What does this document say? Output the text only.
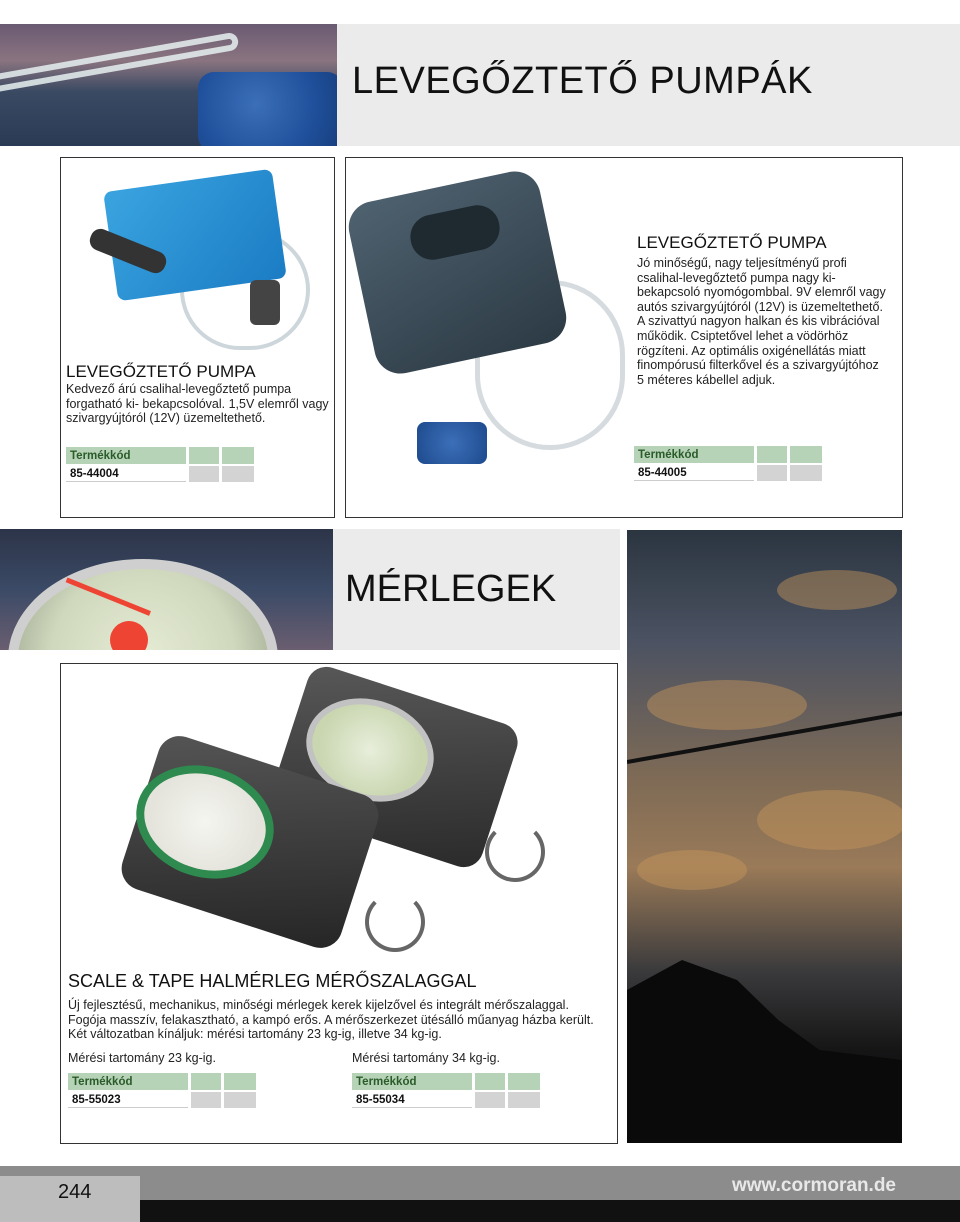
LEVEGŐZTETŐ PUMPÁK
LEVEGŐZTETŐ PUMPA
Kedvező árú csalihal-levegőztető pumpa forgatható ki- bekapcsolóval. 1,5V elemről vagy szivargyújtóról (12V) üzemeltethető.
Termékkód
85-44004
LEVEGŐZTETŐ PUMPA
Jó minőségű, nagy teljesítményű profi csalihal-levegőztető pumpa nagy ki-bekapcsoló nyomógombbal. 9V elemről vagy autós szivargyújtóról (12V) is üzemeltethető. A szivattyú nagyon halkan és kis vibrációval működik. Csiptetővel lehet a vödörhöz rögzíteni. Az optimális oxigénellátás miatt finompórusú filterkővel és a szivargyújtóhoz 5 méteres kábellel adjuk.
Termékkód
85-44005
MÉRLEGEK
SCALE & TAPE HALMÉRLEG MÉRŐSZALAGGAL
Új fejlesztésű, mechanikus, minőségi mérlegek kerek kijelzővel és integrált mérőszalaggal. Fogója masszív, felakasztható, a kampó erős. A mérőszerkezet ütésálló műanyag házba került. Két változatban kínáljuk: mérési tartomány 23 kg-ig, illetve 34 kg-ig.
Mérési tartomány 23 kg-ig.	Mérési tartomány 34 kg-ig.
Termékkód
85-55023
Termékkód
85-55034
244	www.cormoran.de
